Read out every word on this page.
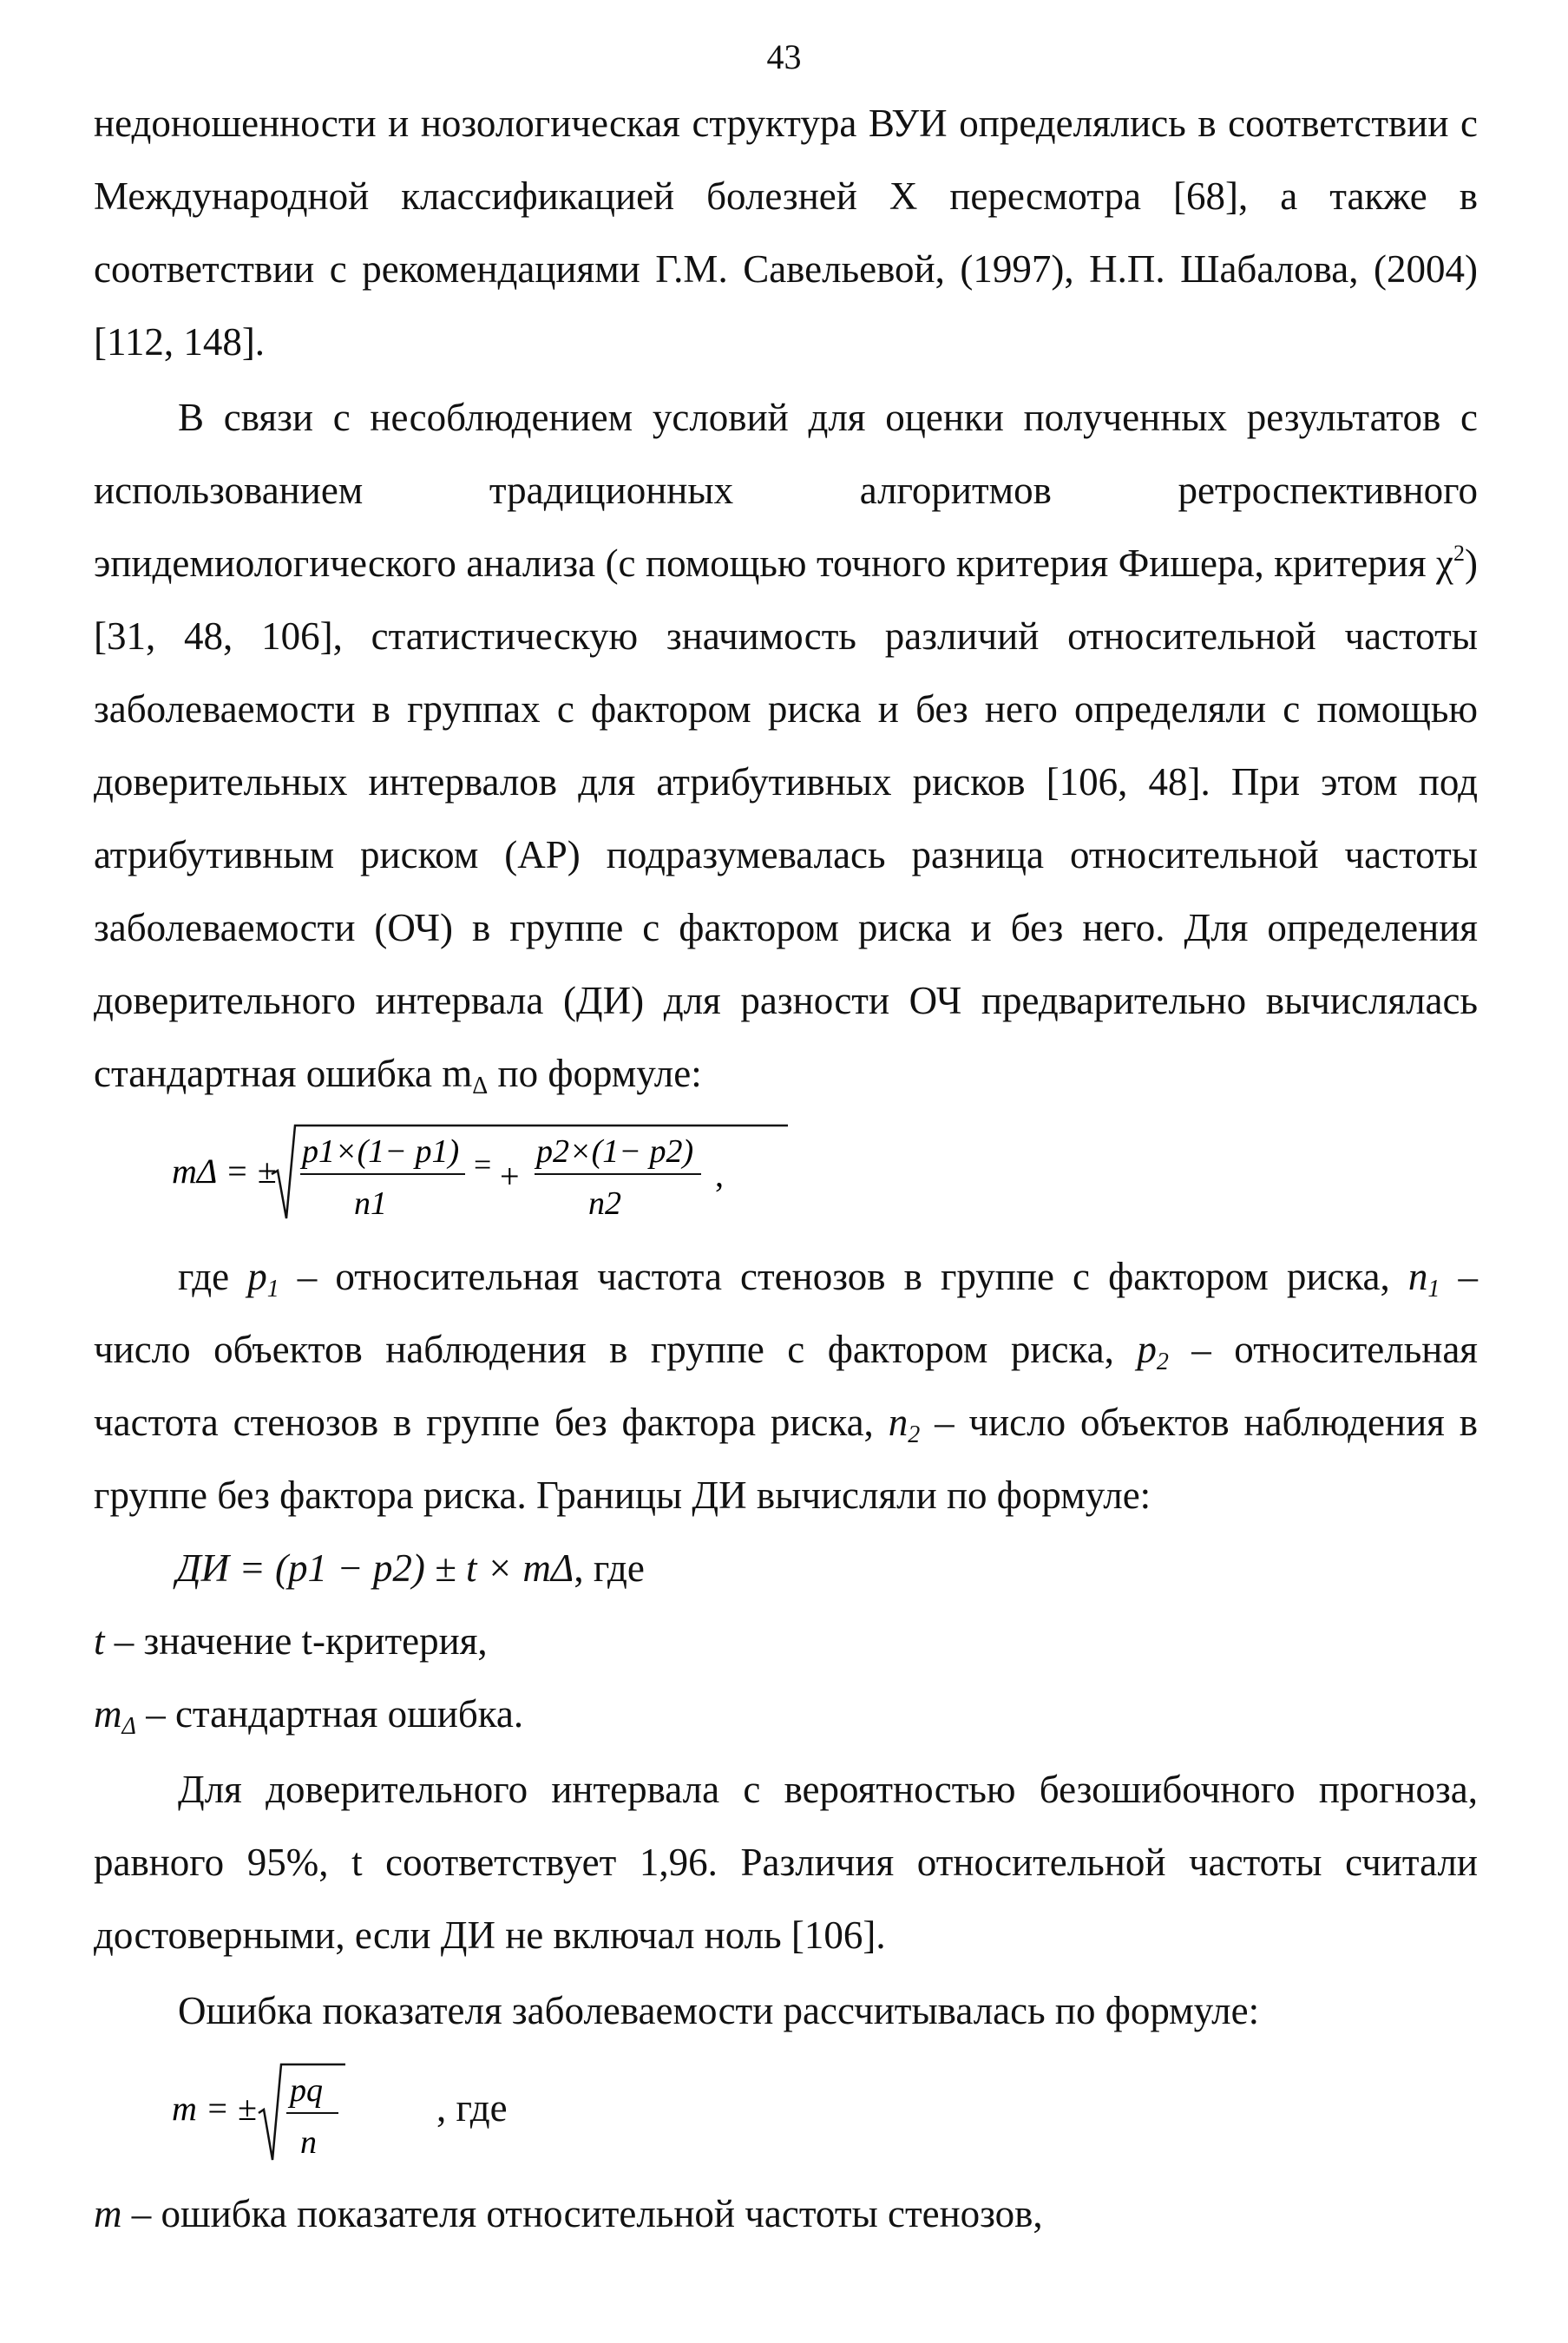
43

недоношенности и нозологическая структура ВУИ определялись в соответствии с Международной классификацией болезней Х пересмотра [68], а также в соответствии с рекомендациями Г.М. Савельевой, (1997), Н.П. Шабалова, (2004) [112, 148].

В связи с несоблюдением условий для оценки полученных результатов с использованием традиционных алгоритмов ретроспективного эпидемиологического анализа (с помощью точного критерия Фишера, критерия $\chi^2$) [31, 48, 106], статистическую значимость различий относительной частоты заболеваемости в группах с фактором риска и без него определяли с помощью доверительных интервалов для атрибутивных рисков [106, 48]. При этом под атрибутивным риском (АР) подразумевалась разница относительной частоты заболеваемости (ОЧ) в группе с фактором риска и без него. Для определения доверительного интервала (ДИ) для разности ОЧ предварительно вычислялась стандартная ошибка $m_\Delta$ по формуле:

mΔ = ± p1×(1− p1) =
n1
+
p2×(1− p2)
n2
,

где $p_1$ – относительная частота стенозов в группе с фактором риска, $n_1$ – число объектов наблюдения в группе с фактором риска, $p_2$ – относительная частота стенозов в группе без фактора риска, $n_2$ – число объектов наблюдения в группе без фактора риска. Границы ДИ вычисляли по формуле:

ДИ = (p1 − p2) ± t × mΔ, где

t – значение t-критерия,

$m_\Delta$ – стандартная ошибка.

Для доверительного интервала с вероятностью безошибочного прогноза, равного 95%, t соответствует 1,96. Различия относительной частоты считали достоверными, если ДИ не включал ноль [106].

Ошибка показателя заболеваемости рассчитывалась по формуле:

m = ± pq
n
, где

m – ошибка показателя относительной частоты стенозов,
